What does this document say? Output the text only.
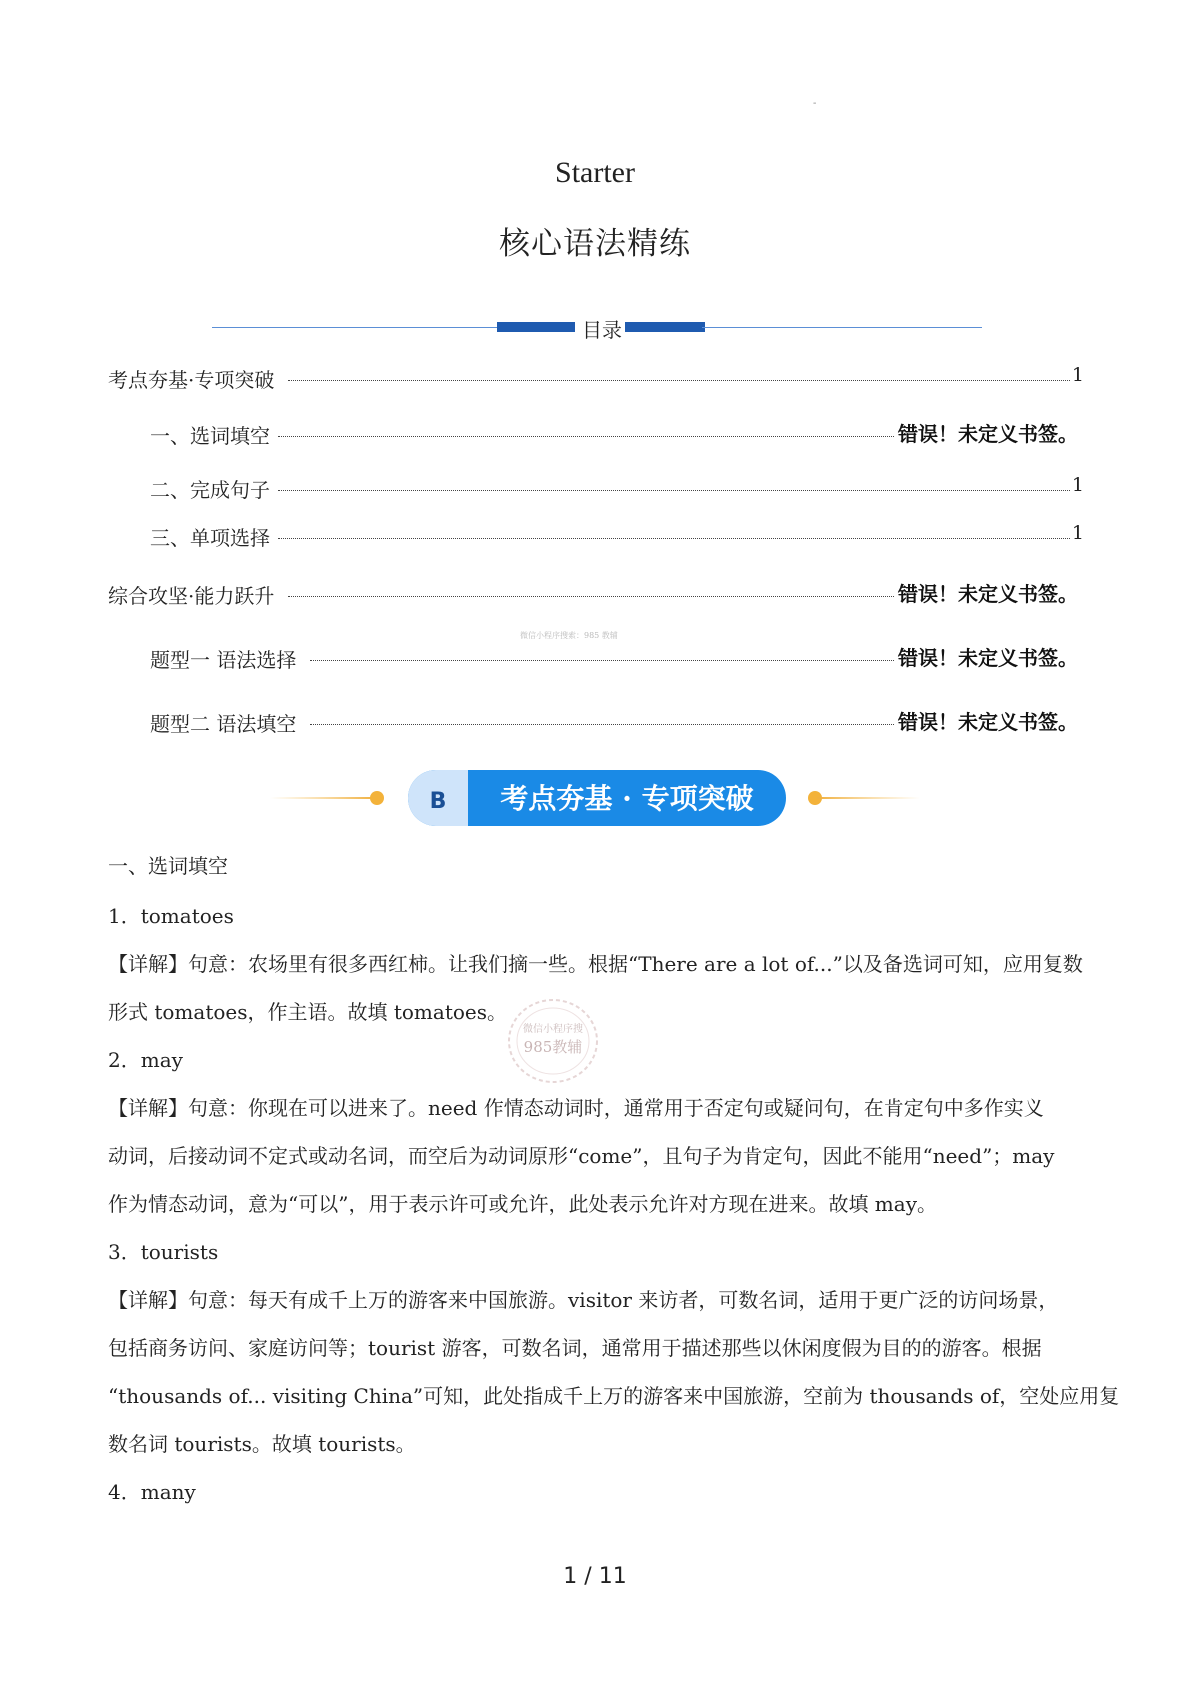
-
Starter
核心语法精练
目录
考点夯基·专项突破	1
一、选词填空	错误！未定义书签。
二、完成句子	1
三、单项选择	1
综合攻坚·能力跃升	错误！未定义书签。
题型一 语法选择	错误！未定义书签。
题型二 语法填空	错误！未定义书签。
微信小程序搜索：985 教辅
B 考点夯基 · 专项突破
一、选词填空
1．tomatoes
【详解】句意：农场里有很多西红柿。让我们摘一些。根据“There are a lot of...”以及备选词可知，应用复数
形式 tomatoes，作主语。故填 tomatoes。
2．may
【详解】句意：你现在可以进来了。need 作情态动词时，通常用于否定句或疑问句，在肯定句中多作实义
动词，后接动词不定式或动名词，而空后为动词原形“come”，且句子为肯定句，因此不能用“need”；may
作为情态动词，意为“可以”，用于表示许可或允许，此处表示允许对方现在进来。故填 may。
3．tourists
【详解】句意：每天有成千上万的游客来中国旅游。visitor 来访者，可数名词，适用于更广泛的访问场景，
包括商务访问、家庭访问等；tourist 游客，可数名词，通常用于描述那些以休闲度假为目的的游客。根据
“thousands of... visiting China”可知，此处指成千上万的游客来中国旅游，空前为 thousands of，空处应用复
数名词 tourists。故填 tourists。
4．many
微信小程序搜
985教辅
1 / 11
